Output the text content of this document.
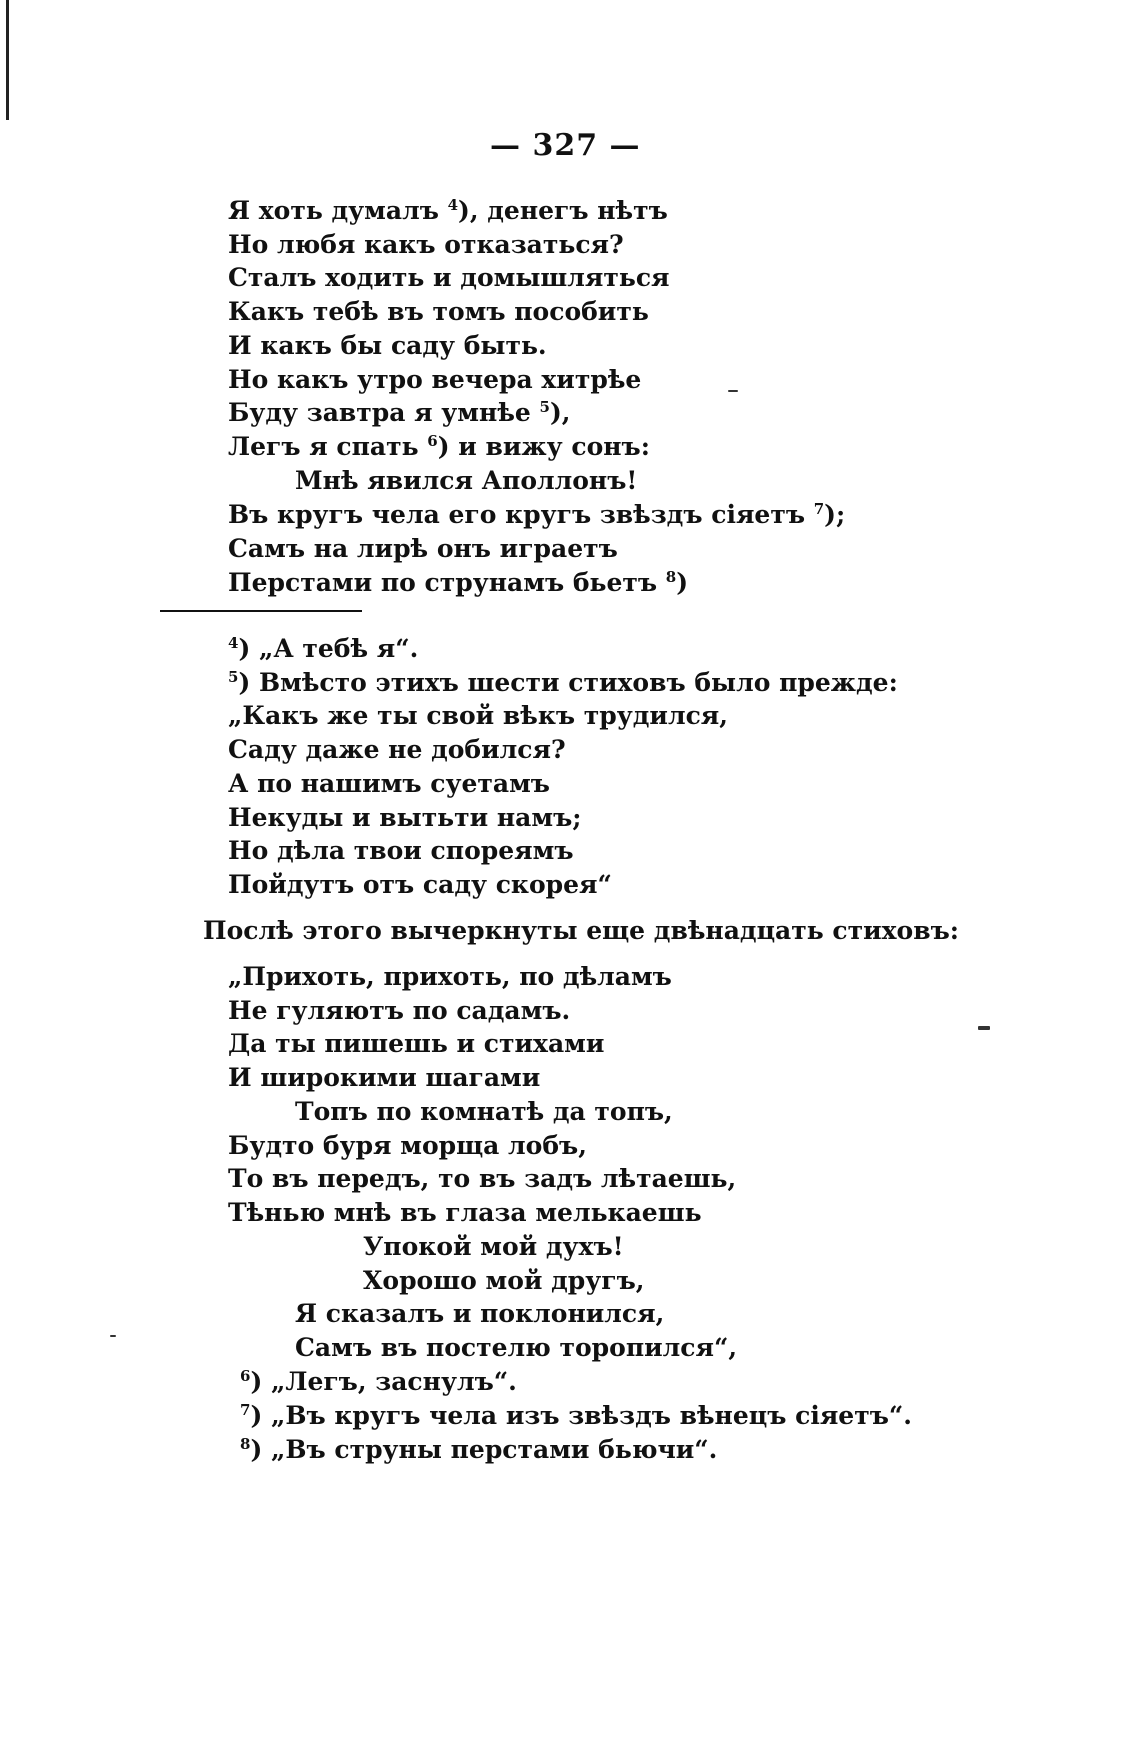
— 327 —
Я хоть думалъ $^4$), денегъ нѣтъ
Но любя какъ отказаться?
Сталъ ходить и домышляться
Какъ тебѣ въ томъ пособить
И какъ бы саду быть.
Но какъ утро вечера хитрѣе
Буду завтра я умнѣе $^5$),
Легъ я спать $^6$) и вижу сонъ:
Мнѣ явился Аполлонъ!
Въ кругъ чела его кругъ звѣздъ сіяетъ $^7$);
Самъ на лирѣ онъ играетъ
Перстами по струнамъ бьетъ $^8$)
$^4$) „А тебѣ я“.
$^5$) Вмѣсто этихъ шести стиховъ было прежде:
„Какъ же ты свой вѣкъ трудился,
Саду даже не добился?
А по нашимъ суетамъ
Некуды и вытьти намъ;
Но дѣла твои спореямъ
Пойдутъ отъ саду скорея“
Послѣ этого вычеркнуты еще двѣнадцать стиховъ:
„Прихоть, прихоть, по дѣламъ
Не гуляютъ по садамъ.
Да ты пишешь и стихами
И широкими шагами
Топъ по комнатѣ да топъ,
Будто буря морща лобъ,
То въ передъ, то въ задъ лѣтаешь,
Тѣнью мнѣ въ глаза мелькаешь
Упокой мой духъ!
Хорошо мой другъ,
Я сказалъ и поклонился,
Самъ въ постелю торопился“,
$^6$) „Легъ, заснулъ“.
$^7$) „Въ кругъ чела изъ звѣздъ вѣнецъ сіяетъ“.
$^8$) „Въ струны перстами бьючи“.
